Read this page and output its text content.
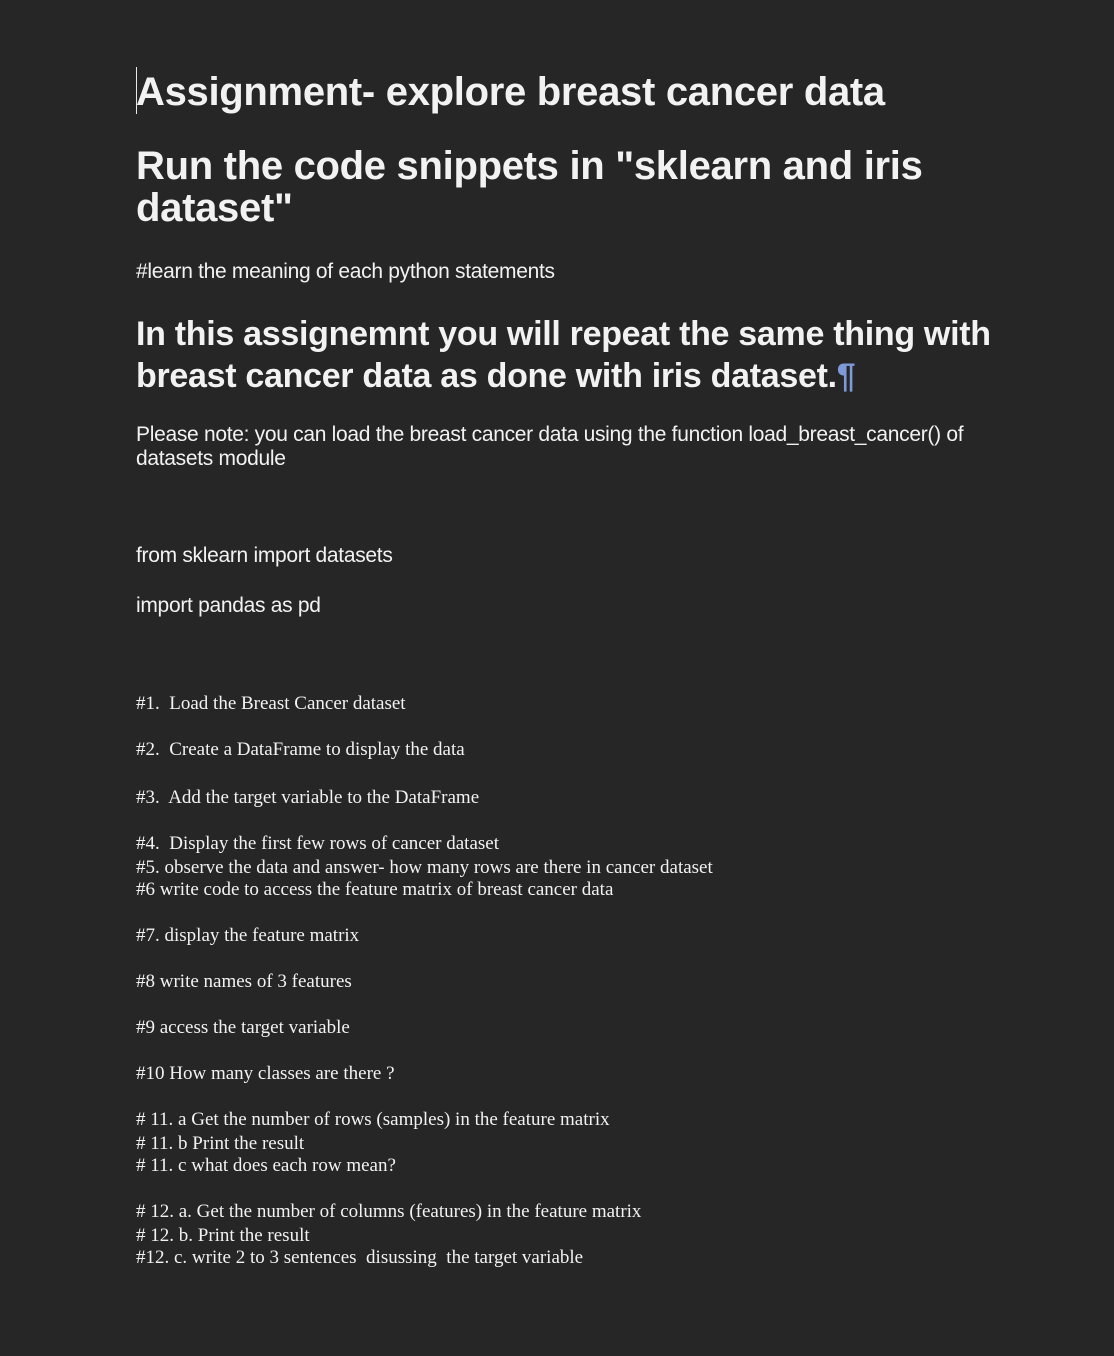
Assignment- explore breast cancer data
Run the code snippets in "sklearn and iris dataset"
#learn the meaning of each python statements
In this assignemnt you will repeat the same thing with breast cancer data as done with iris dataset.¶
Please note: you can load the breast cancer data using the function load_breast_cancer() of datasets module
from sklearn import datasets
import pandas as pd
#1.  Load the Breast Cancer dataset
#2.  Create a DataFrame to display the data
#3.  Add the target variable to the DataFrame
#4.  Display the first few rows of cancer dataset
#5. observe the data and answer- how many rows are there in cancer dataset
#6 write code to access the feature matrix of breast cancer data
#7. display the feature matrix
#8 write names of 3 features
#9 access the target variable
#10 How many classes are there ?
# 11. a Get the number of rows (samples) in the feature matrix
# 11. b Print the result
# 11. c what does each row mean?
# 12. a. Get the number of columns (features) in the feature matrix
# 12. b. Print the result
#12. c. write 2 to 3 sentences  disussing  the target variable
